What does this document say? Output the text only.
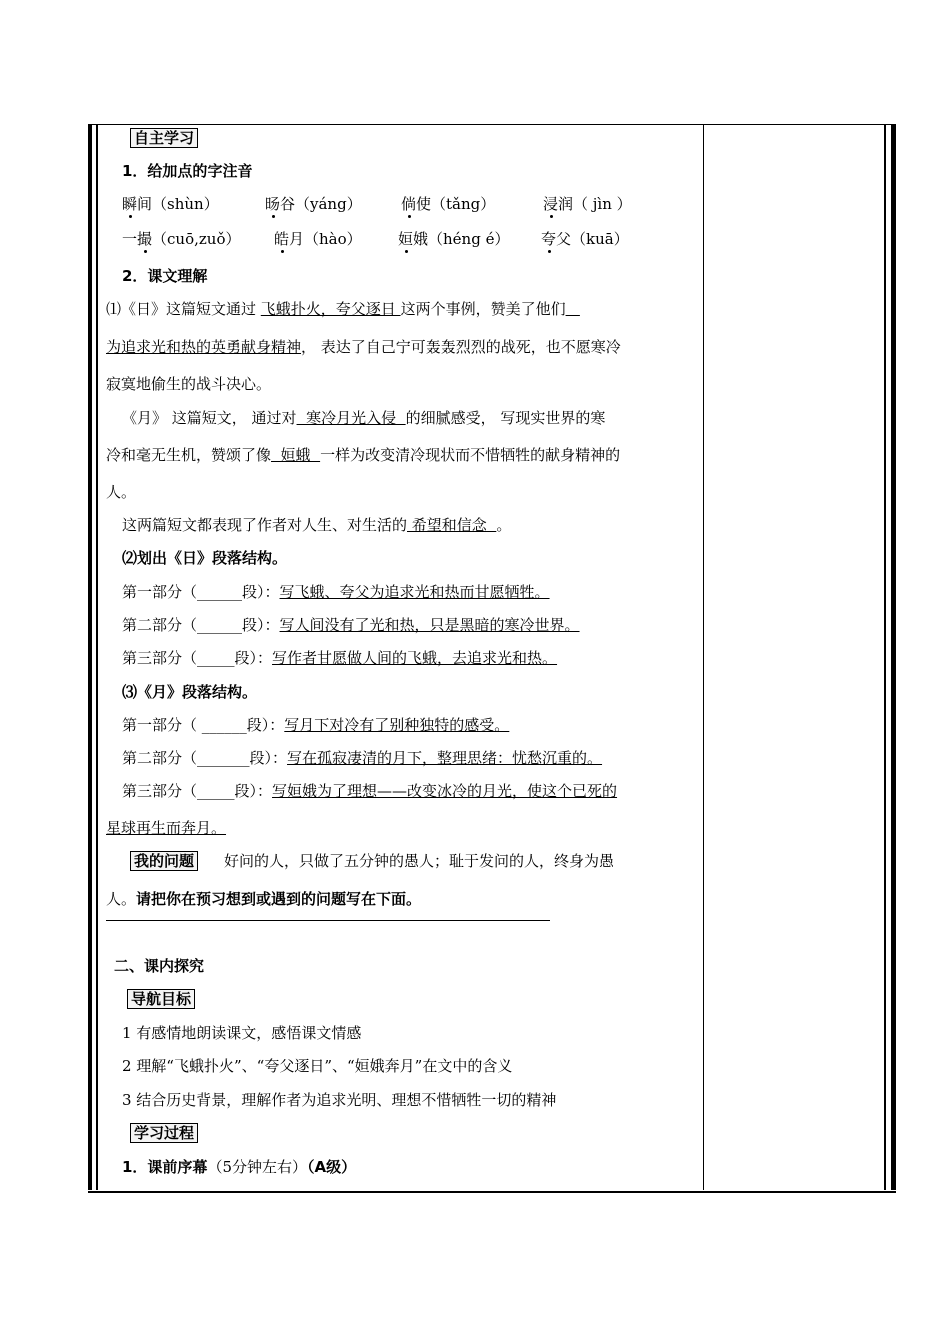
自主学习
1．给加点的字注音
瞬间（shùn）	旸谷（yáng）	倘使（tǎng）	浸润（ jìn ）
一撮（cuō,zuǒ） 皓月（hào） 姮娥（héng é） 夸父（kuā）
2．课文理解
⑴《日》这篇短文通过 飞蛾扑火，夸父逐日 这两个事例，赞美了他们
为追求光和热的英勇献身精神， 表达了自己宁可轰轰烈烈的战死，也不愿寒冷
寂寞地偷生的战斗决心。
《月》 这篇短文， 通过对  寒冷月光入侵  的细腻感受， 写现实世界的寒
冷和毫无生机，赞颂了像  姮蛾  一样为改变清冷现状而不惜牺牲的献身精神的
人。
这两篇短文都表现了作者对人生、对生活的 希望和信念  。
⑵划出《日》段落结构。
第一部分（______段）：写飞蛾、夸父为追求光和热而甘愿牺牲。
第二部分（______段）：写人间没有了光和热，只是黑暗的寒冷世界。
第三部分（_____段）：写作者甘愿做人间的飞蛾，去追求光和热。
⑶《月》段落结构。
第一部分（ ______段）：写月下对冷有了别种独特的感受。
第二部分（_______段）：写在孤寂凄清的月下，整理思绪：忧愁沉重的。
第三部分（_____段）：写姮娥为了理想——改变冰冷的月光，使这个已死的
星球再生而奔月。
我的问题 好问的人，只做了五分钟的愚人；耻于发问的人，终身为愚
人。请把你在预习想到或遇到的问题写在下面。
二、课内探究
导航目标
1 有感情地朗读课文，感悟课文情感
2 理解“飞蛾扑火”、“夸父逐日”、“姮娥奔月”在文中的含义
3 结合历史背景，理解作者为追求光明、理想不惜牺牲一切的精神
学习过程
1．课前序幕（5分钟左右）（A级）
